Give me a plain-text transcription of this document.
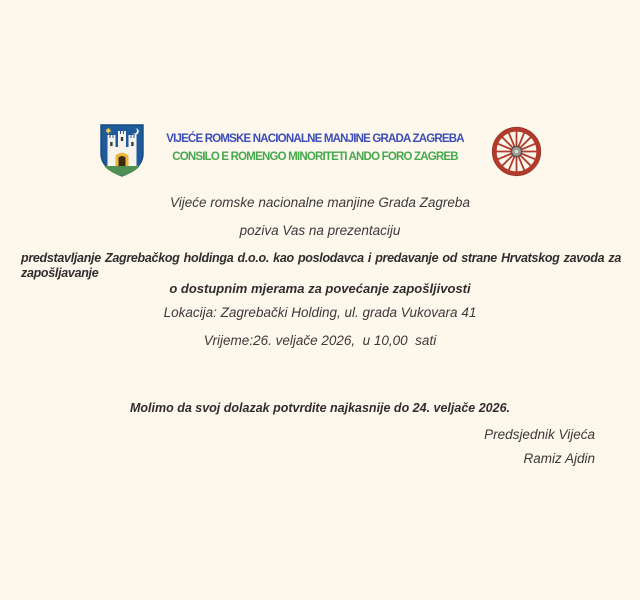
VIJEĆE ROMSKE NACIONALNE MANJINE GRADA ZAGREBA
CONSILO E ROMENGO MINORITETI ANDO FORO ZAGREB
Vijeće romske nacionalne manjine Grada Zagreba
poziva Vas na prezentaciju
predstavljanje Zagrebačkog holdinga d.o.o. kao poslodavca i predavanje od strane Hrvatskog zavoda za zapošljavanje
o dostupnim mjerama za povećanje zapošljivosti
Lokacija: Zagrebački Holding, ul. grada Vukovara 41
Vrijeme:26. veljače 2026,  u 10,00  sati
Molimo da svoj dolazak potvrdite najkasnije do 24. veljače 2026.
Predsjednik Vijeća
Ramiz Ajdin
